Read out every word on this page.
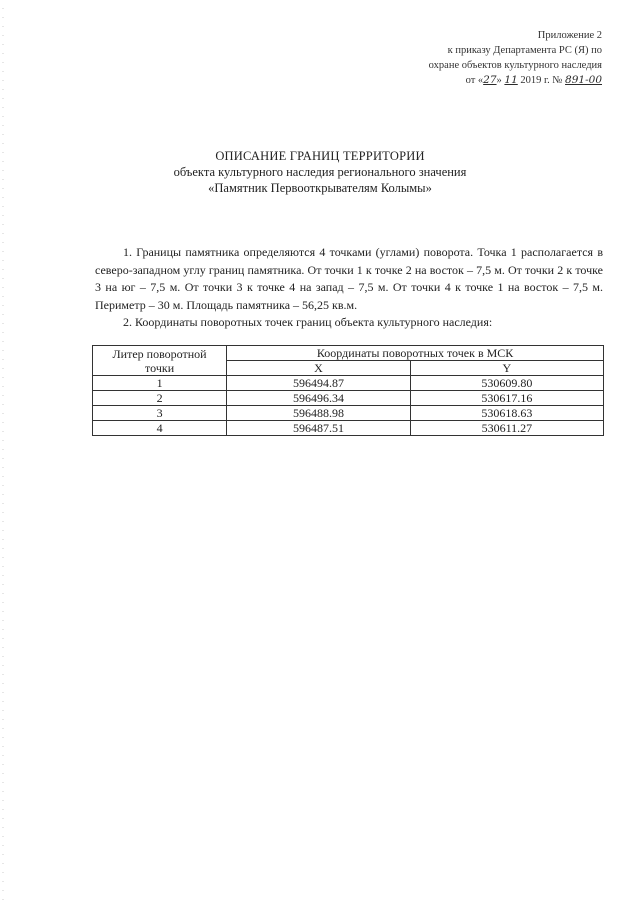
Приложение 2
к приказу Департамента РС (Я) по
охране объектов культурного наследия
от «27» 11 2019 г. № 891-00
ОПИСАНИЕ ГРАНИЦ ТЕРРИТОРИИ
объекта культурного наследия регионального значения
«Памятник Первооткрывателям Колымы»

1. Границы памятника определяются 4 точками (углами) поворота. Точка 1 располагается в северо-западном углу границ памятника. От точки 1 к точке 2 на восток – 7,5 м. От точки 2 к точке 3 на юг – 7,5 м. От точки 3 к точке 4 на запад – 7,5 м. От точки 4 к точке 1 на восток – 7,5 м. Периметр – 30 м. Площадь памятника – 56,25 кв.м.

2. Координаты поворотных точек границ объекта культурного наследия:

Литер поворотной точки	Координаты поворотных точек в МСК	
	X	Y
1	596494.87	530609.80
2	596496.34	530617.16
3	596488.98	530618.63
4	596487.51	530611.27
